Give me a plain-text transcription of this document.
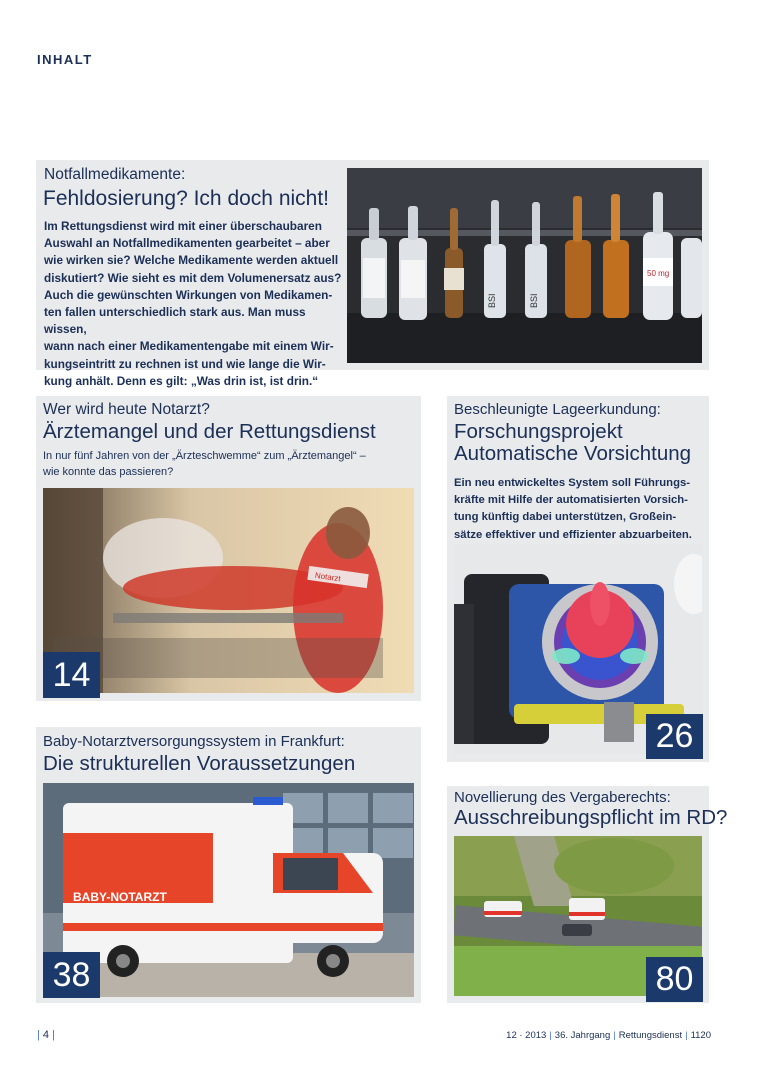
INHALT
Notfallmedikamente:
Fehldosierung? Ich doch nicht!
Im Rettungsdienst wird mit einer überschaubaren
Auswahl an Notfallmedikamenten gearbeitet – aber
wie wirken sie? Welche Medikamente werden aktuell
diskutiert? Wie sieht es mit dem Volumenersatz aus?
Auch die gewünschten Wirkungen von Medikamen-
ten fallen unterschiedlich stark aus. Man muss wissen,
wann nach einer Medikamentengabe mit einem Wir-
kungseintritt zu rechnen ist und wie lange die Wir-
kung anhält. Denn es gilt: „Was drin ist, ist drin.“
BSI	BSI
50 mg
Wer wird heute Notarzt?
Ärztemangel und der Rettungsdienst
In nur fünf Jahren von der „Ärzteschwemme“ zum „Ärztemangel“ –
wie konnte das passieren?
Notarzt
14
Beschleunigte Lageerkundung:
Forschungsprojekt
Automatische Vorsichtung
Ein neu entwickeltes System soll Führungs-
kräfte mit Hilfe der automatisierten Vorsich-
tung künftig dabei unterstützen, Großein-
sätze effektiver und effizienter abzuarbeiten.
26
Baby-Notarztversorgungssystem in Frankfurt:
Die strukturellen Voraussetzungen
BABY-NOTARZT
38
Novellierung des Vergaberechts:
Ausschreibungspflicht im RD?
80
| 4 |	12 · 2013 | 36. Jahrgang | Rettungsdienst | 1120
